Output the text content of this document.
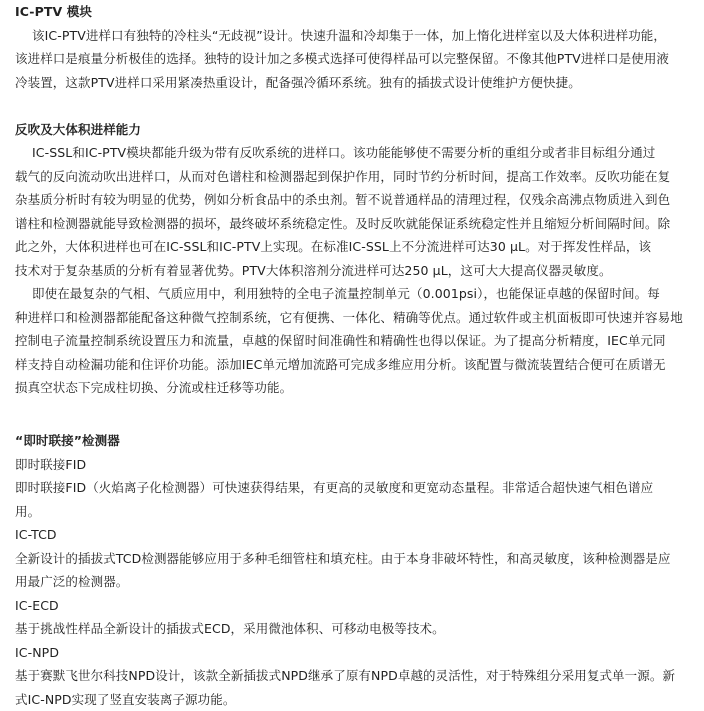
IC-PTV 模块

该IC-PTV进样口有独特的冷柱头“无歧视”设计。快速升温和冷却集于一体，加上惰化进样室以及大体积进样功能，

该进样口是痕量分析极佳的选择。独特的设计加之多模式选择可使得样品可以完整保留。不像其他PTV进样口是使用液

冷装置，这款PTV进样口采用紧凑热重设计，配备强冷循环系统。独有的插拔式设计使维护方便快捷。

反吹及大体积进样能力

IC-SSL和IC-PTV模块都能升级为带有反吹系统的进样口。该功能能够使不需要分析的重组分或者非目标组分通过

载气的反向流动吹出进样口，从而对色谱柱和检测器起到保护作用，同时节约分析时间，提高工作效率。反吹功能在复

杂基质分析时有较为明显的优势，例如分析食品中的杀虫剂。暂不说普通样品的清理过程，仅残余高沸点物质进入到色

谱柱和检测器就能导致检测器的损坏，最终破坏系统稳定性。及时反吹就能保证系统稳定性并且缩短分析间隔时间。除

此之外，大体积进样也可在IC-SSL和IC-PTV上实现。在标准IC-SSL上不分流进样可达30 μL。对于挥发性样品，该

技术对于复杂基质的分析有着显著优势。PTV大体积溶剂分流进样可达250 μL，这可大大提高仪器灵敏度。

即使在最复杂的气相、气质应用中，利用独特的全电子流量控制单元（0.001psi），也能保证卓越的保留时间。每

种进样口和检测器都能配备这种微气控制系统，它有便携、一体化、精确等优点。通过软件或主机面板即可快速并容易地

控制电子流量控制系统设置压力和流量，卓越的保留时间准确性和精确性也得以保证。为了提高分析精度，IEC单元同

样支持自动检漏功能和住评价功能。添加IEC单元增加流路可完成多维应用分析。该配置与微流装置结合便可在质谱无

损真空状态下完成柱切换、分流或柱迁移等功能。

“即时联接”检测器

即时联接FID

即时联接FID（火焰离子化检测器）可快速获得结果，有更高的灵敏度和更宽动态量程。非常适合超快速气相色谱应

用。

IC-TCD

全新设计的插拔式TCD检测器能够应用于多种毛细管柱和填充柱。由于本身非破坏特性，和高灵敏度，该种检测器是应

用最广泛的检测器。

IC-ECD

基于挑战性样品全新设计的插拔式ECD，采用微池体积、可移动电极等技术。

IC-NPD

基于赛默飞世尔科技NPD设计，该款全新插拔式NPD继承了原有NPD卓越的灵活性，对于特殊组分采用复式单一源。新

式IC-NPD实现了竖直安装离子源功能。
